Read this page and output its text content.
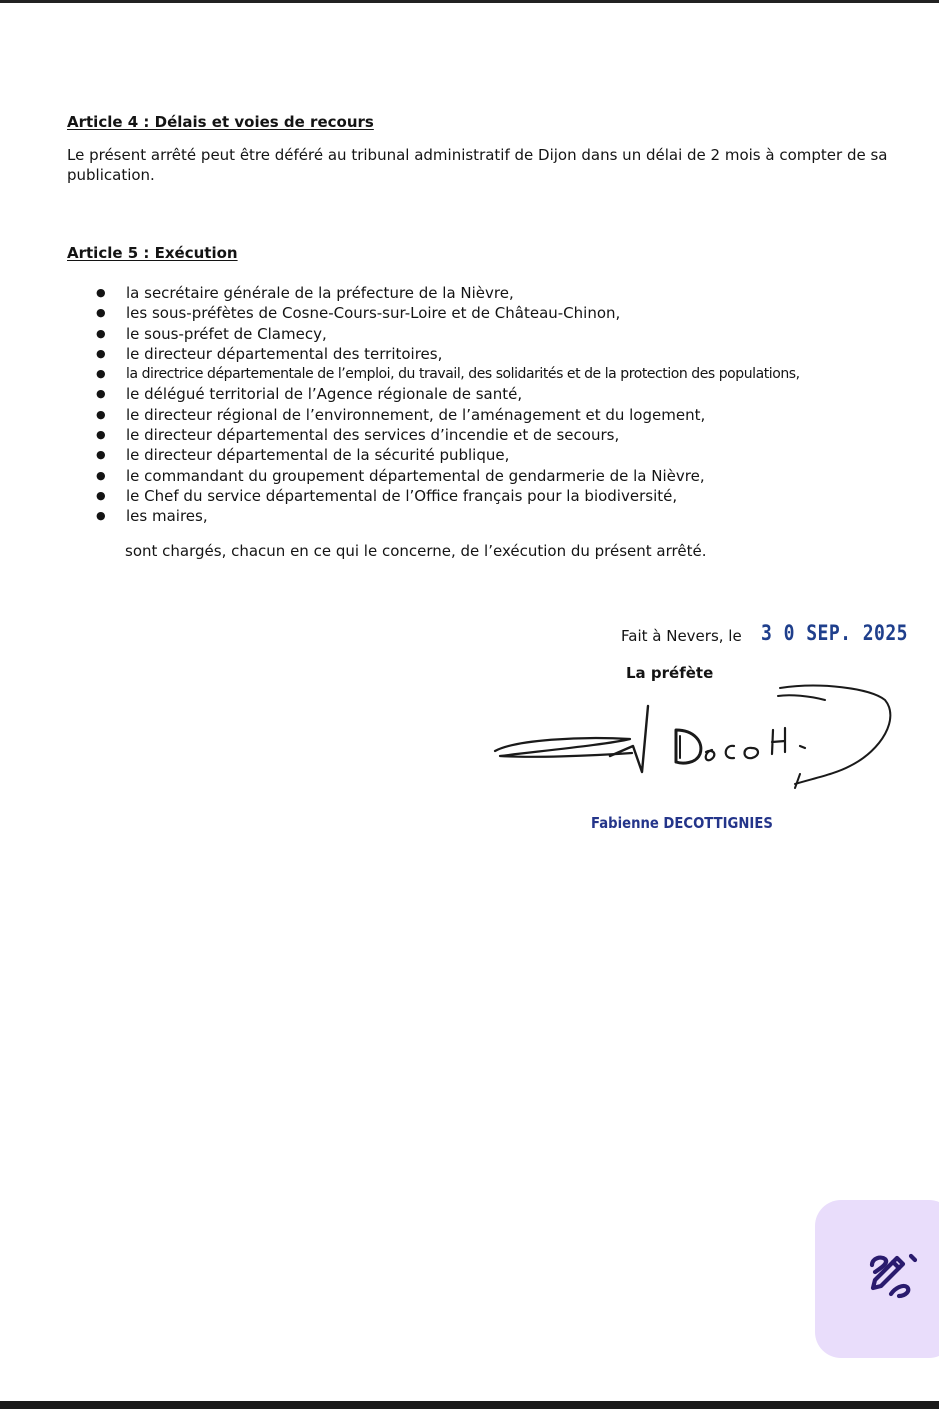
Article 4 : Délais et voies de recours

Le présent arrêté peut être déféré au tribunal administratif de Dijon dans un délai de 2 mois à compter de sa publication.

Article 5 : Exécution
● la secrétaire générale de la préfecture de la Nièvre,
● les sous-préfètes de Cosne-Cours-sur-Loire et de Château-Chinon,
● le sous-préfet de Clamecy,
● le directeur départemental des territoires,
● la directrice départementale de l’emploi, du travail, des solidarités et de la protection des populations,
● le délégué territorial de l’Agence régionale de santé,
● le directeur régional de l’environnement, de l’aménagement et du logement,
● le directeur départemental des services d’incendie et de secours,
● le directeur départemental de la sécurité publique,
● le commandant du groupement départemental de gendarmerie de la Nièvre,
● le Chef du service départemental de l’Office français pour la biodiversité,
● les maires,

sont chargés, chacun en ce qui le concerne, de l’exécution du présent arrêté.

Fait à Nevers, le 3 0 SEP. 2025
La préfète
Fabienne DECOTTIGNIES
